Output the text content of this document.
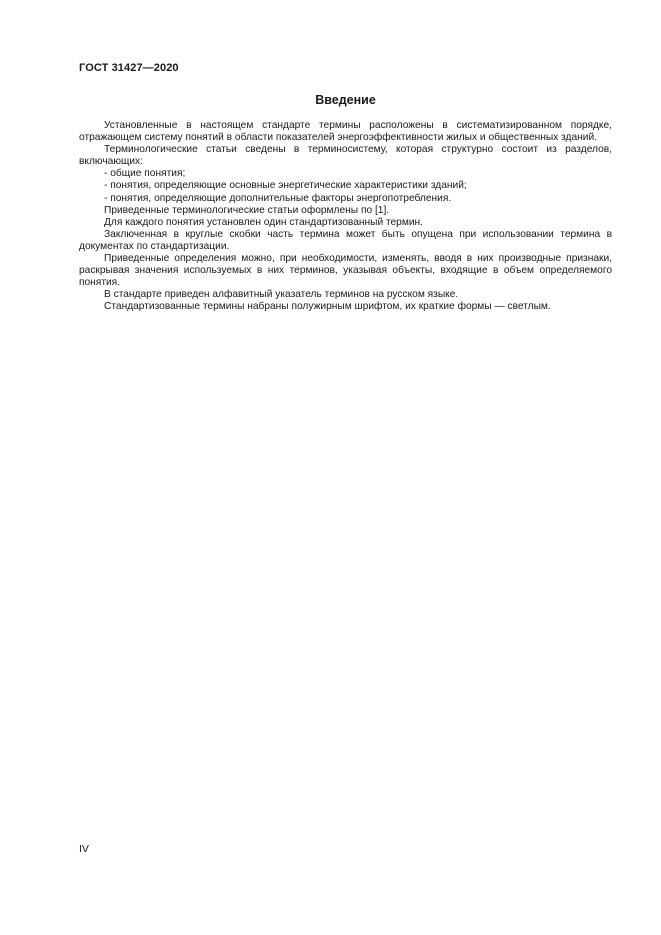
ГОСТ 31427—2020
Введение

Установленные в настоящем стандарте термины расположены в систематизированном порядке, отражающем систему понятий в области показателей энергоэффективности жилых и общественных зданий.

Терминологические статьи сведены в терминосистему, которая структурно состоит из разделов, включающих:

- общие понятия;
- понятия, определяющие основные энергетические характеристики зданий;
- понятия, определяющие дополнительные факторы энергопотребления.

Приведенные терминологические статьи оформлены по [1].

Для каждого понятия установлен один стандартизованный термин.

Заключенная в круглые скобки часть термина может быть опущена при использовании термина в документах по стандартизации.

Приведенные определения можно, при необходимости, изменять, вводя в них производные признаки, раскрывая значения используемых в них терминов, указывая объекты, входящие в объем определяемого понятия.

В стандарте приведен алфавитный указатель терминов на русском языке.

Стандартизованные термины набраны полужирным шрифтом, их краткие формы — светлым.

IV
